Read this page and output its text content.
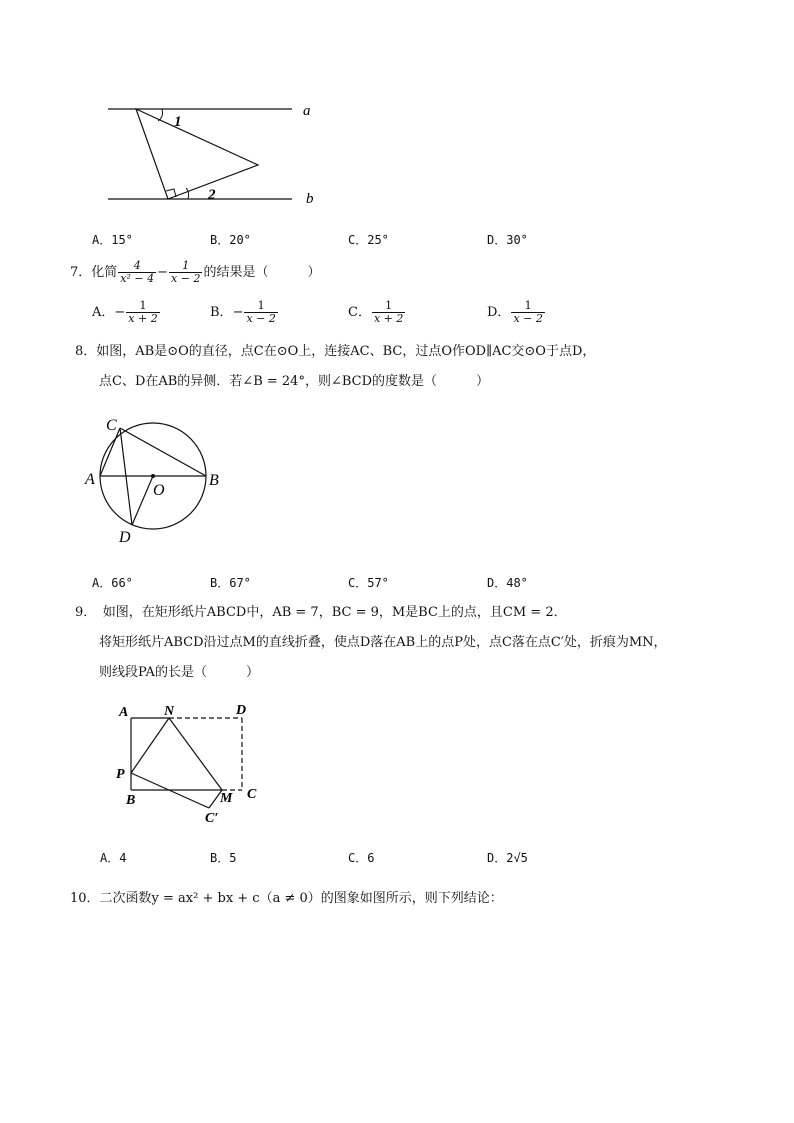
a
b
1
2
A．15°	B．20°	C．25°	D．30°
7．化简 $\frac{4}{\text{x² − 4}} - \frac{1}{x - 2}$ 的结果是（　　　）
A．− $\frac{1}{x + 2}$	B．− $\frac{1}{x - 2}$	C． $\frac{1}{x + 2}$	D． $\frac{1}{x - 2}$
8．如图，AB是⊙O的直径，点C在⊙O上，连接AC、BC，过点O作OD∥AC交⊙O于点D，
点C、D在AB的异侧．若∠B = 24°，则∠BCD的度数是（　　　）
C
A	B
O
D
A．66°	B．67°	C．57°	D．48°
9．　如图，在矩形纸片ABCD中，AB = 7，BC = 9，M是BC上的点，且CM = 2．
将矩形纸片ABCD沿过点M的直线折叠，使点D落在AB上的点P处，点C落在点C′处，折痕为MN，
则线段PA的长是（　　　）
A	N	D
P
B	M C
C′
A．4	B．5	C．6	D．2√5
10．二次函数y = ax² + bx + c（a ≠ 0）的图象如图所示，则下列结论：
